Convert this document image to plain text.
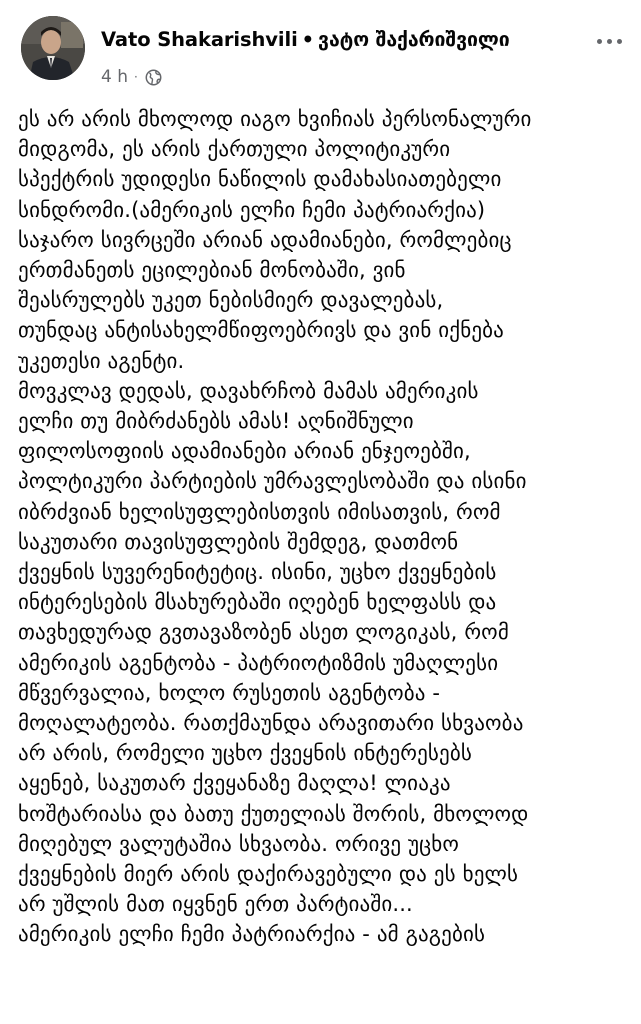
Vato Shakarishvili • ვატო შაქარიშვილი
4 h ·
ეს არ არის მხოლოდ იაგო ხვიჩიას პერსონალური
მიდგომა, ეს არის ქართული პოლიტიკური
სპექტრის უდიდესი ნაწილის დამახასიათებელი
სინდრომი.(ამერიკის ელჩი ჩემი პატრიარქია)
საჯარო სივრცეში არიან ადამიანები, რომლებიც
ერთმანეთს ეცილებიან მონობაში, ვინ
შეასრულებს უკეთ ნებისმიერ დავალებას,
თუნდაც ანტისახელმწიფოებრივს და ვინ იქნება
უკეთესი აგენტი.
მოვკლავ დედას, დავახრჩობ მამას ამერიკის
ელჩი თუ მიბრძანებს ამას! აღნიშნული
ფილოსოფიის ადამიანები არიან ენჯეოებში,
პოლტიკური პარტიების უმრავლესობაში და ისინი
იბრძვიან ხელისუფლებისთვის იმისათვის, რომ
საკუთარი თავისუფლების შემდეგ, დათმონ
ქვეყნის სუვერენიტეტიც. ისინი, უცხო ქვეყნების
ინტერესების მსახურებაში იღებენ ხელფასს და
თავხედურად გვთავაზობენ ასეთ ლოგიკას, რომ
ამერიკის აგენტობა - პატრიოტიზმის უმაღლესი
მწვერვალია, ხოლო რუსეთის აგენტობა -
მოღალატეობა. რათქმაუნდა არავითარი სხვაობა
არ არის, რომელი უცხო ქვეყნის ინტერესებს
აყენებ, საკუთარ ქვეყანაზე მაღლა! ლიაკა
ხოშტარიასა და ბათუ ქუთელიას შორის, მხოლოდ
მიღებულ ვალუტაშია სხვაობა. ორივე უცხო
ქვეყნების მიერ არის დაქირავებული და ეს ხელს
არ უშლის მათ იყვნენ ერთ პარტიაში...
ამერიკის ელჩი ჩემი პატრიარქია - ამ გაგების
